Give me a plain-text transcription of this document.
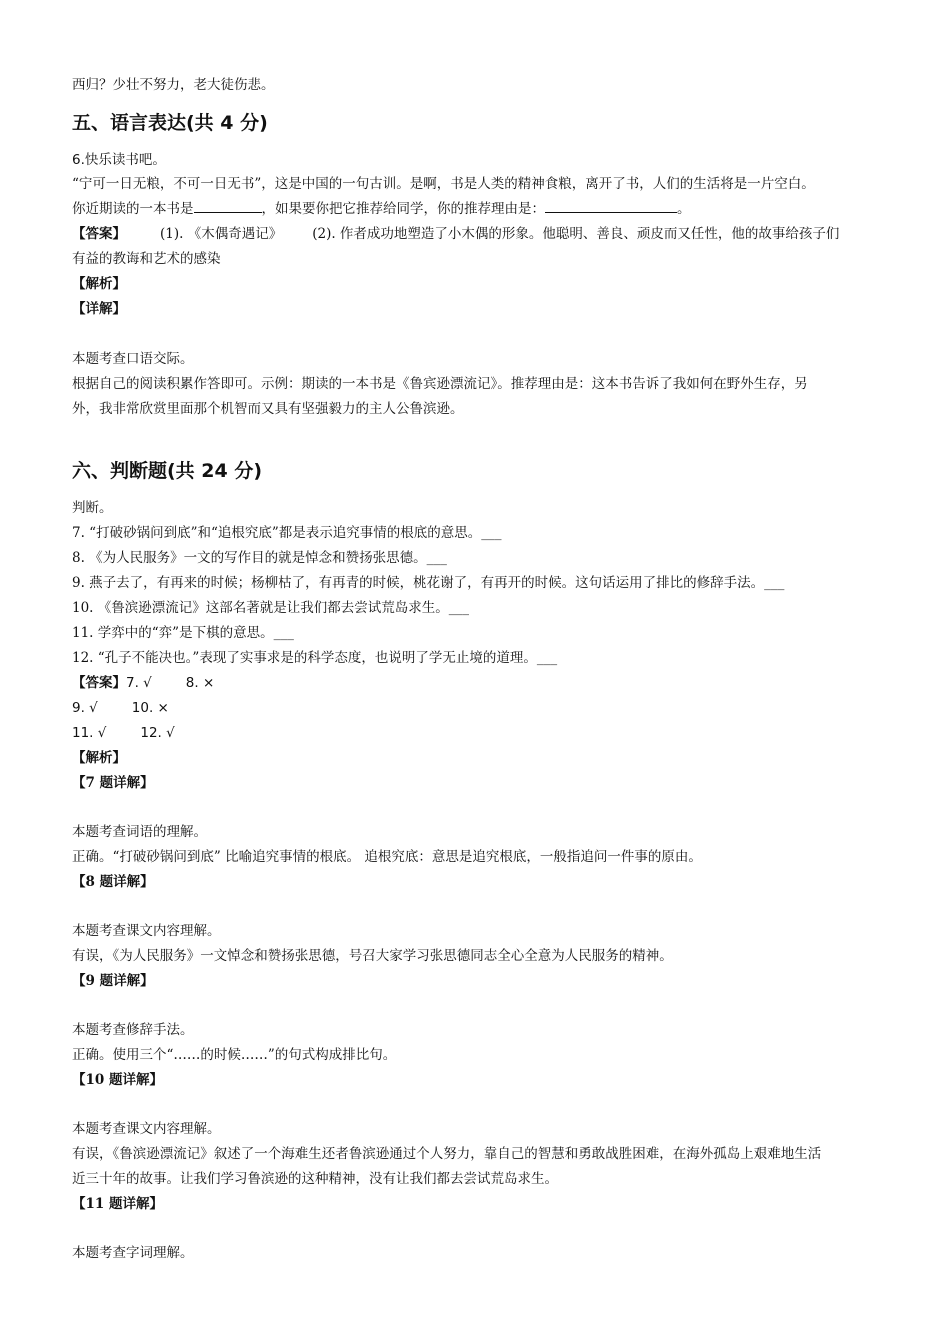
西归？少壮不努力，老大徒伤悲。
五、语言表达(共 4 分)
6.快乐读书吧。
“宁可一日无粮，不可一日无书”，这是中国的一句古训。是啊，书是人类的精神食粮，离开了书，人们的生活将是一片空白。
你近期读的一本书是	，如果要你把它推荐给同学，你的推荐理由是：	。
【答案】	(1). 《木偶奇遇记》 (2). 作者成功地塑造了小木偶的形象。他聪明、善良、顽皮而又任性，他的故事给孩子们
有益的教诲和艺术的感染
【解析】
【详解】
本题考查口语交际。
根据自己的阅读积累作答即可。示例：期读的一本书是《鲁宾逊漂流记》。推荐理由是：这本书告诉了我如何在野外生存，另
外，我非常欣赏里面那个机智而又具有坚强毅力的主人公鲁滨逊。
六、判断题(共 24 分)
判断。
7. “打破砂锅问到底”和“追根究底”都是表示追究事情的根底的意思。___
8. 《为人民服务》一文的写作目的就是悼念和赞扬张思德。___
9. 燕子去了，有再来的时候；杨柳枯了，有再青的时候，桃花谢了，有再开的时候。这句话运用了排比的修辞手法。___
10. 《鲁滨逊漂流记》这部名著就是让我们都去尝试荒岛求生。___
11. 学弈中的“弈”是下棋的意思。___
12. “孔子不能决也。”表现了实事求是的科学态度，也说明了学无止境的道理。___
【答案】7. √	8. ×
9. √	10. ×
11. √	12. √
【解析】
【7 题详解】
本题考查词语的理解。
正确。“打破砂锅问到底” 比喻追究事情的根底。 追根究底：意思是追究根底，一般指追问一件事的原由。
【8 题详解】
本题考查课文内容理解。
有误，《为人民服务》一文悼念和赞扬张思德，号召大家学习张思德同志全心全意为人民服务的精神。
【9 题详解】
本题考查修辞手法。
正确。使用三个“……的时候……”的句式构成排比句。
【10 题详解】
本题考查课文内容理解。
有误，《鲁滨逊漂流记》叙述了一个海难生还者鲁滨逊通过个人努力，靠自己的智慧和勇敢战胜困难，在海外孤岛上艰难地生活
近三十年的故事。让我们学习鲁滨逊的这种精神，没有让我们都去尝试荒岛求生。
【11 题详解】
本题考查字词理解。
